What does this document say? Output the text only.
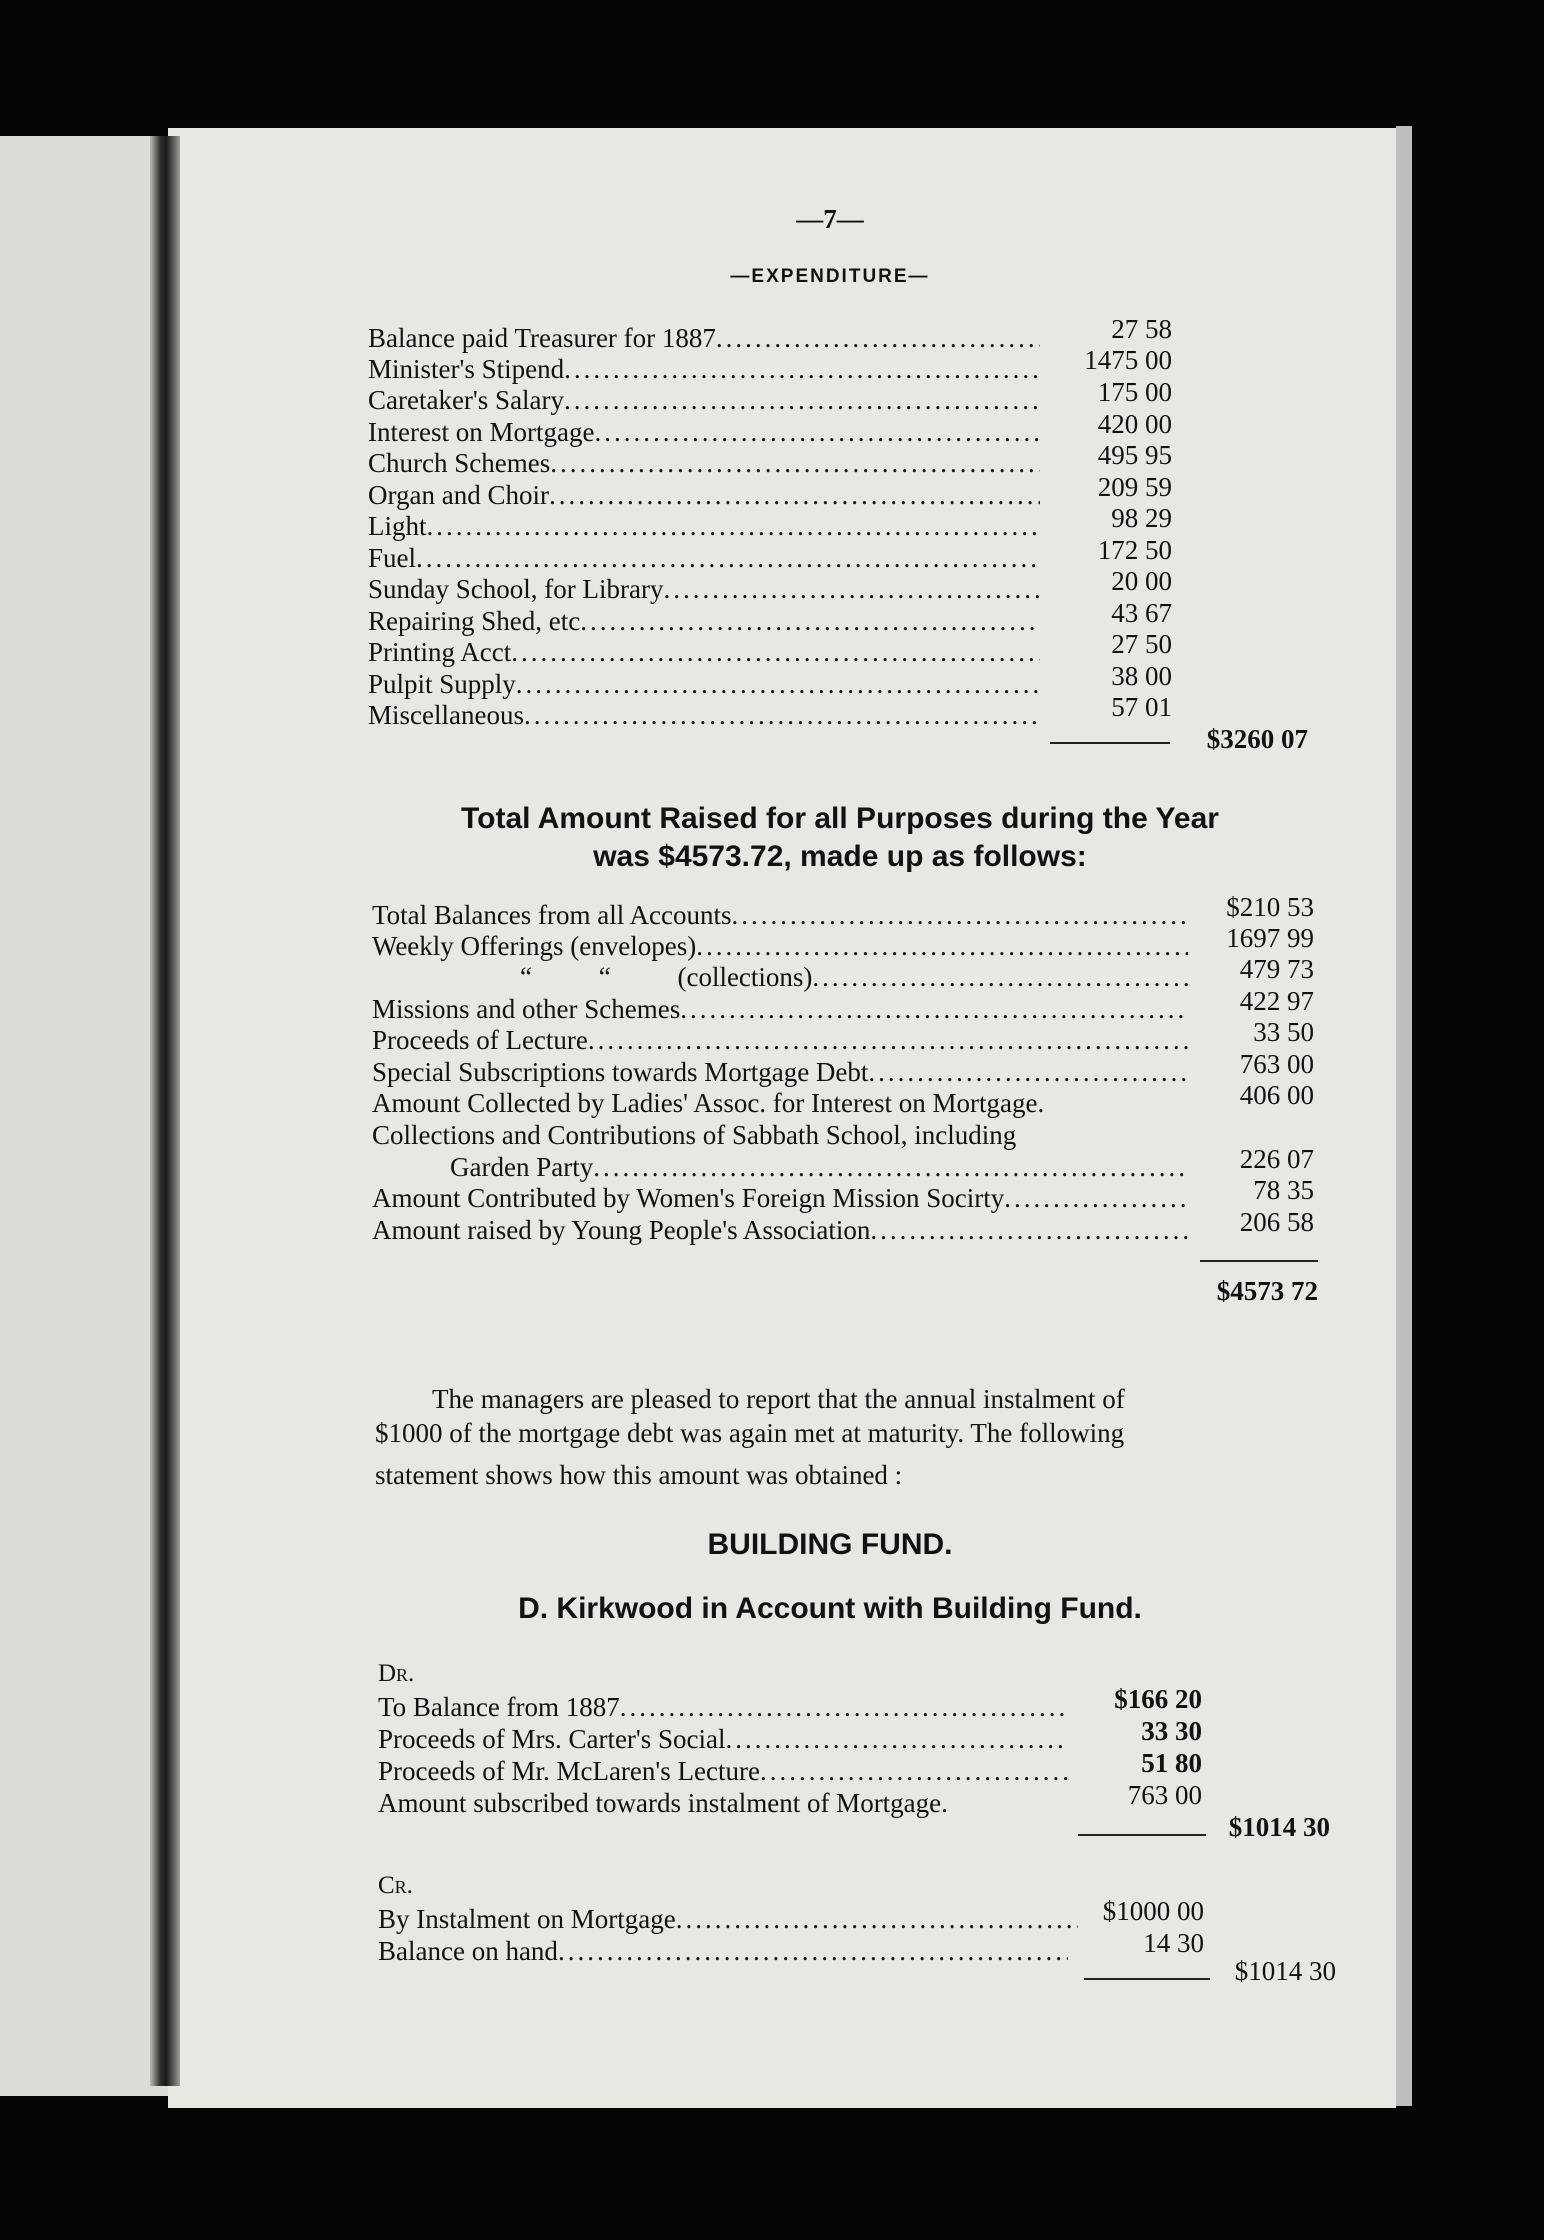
—7—
—EXPENDITURE—
Balance paid Treasurer for 1887 .....	27 58
Minister's Stipend .....	1475 00
Caretaker's Salary .....	175 00
Interest on Mortgage .....	420 00
Church Schemes .....	495 95
Organ and Choir .....	209 59
Light .....	98 29
Fuel .....	172 50
Sunday School, for Library .....	20 00
Repairing Shed, etc .....	43 67
Printing Acct .....	27 50
Pulpit Supply .....	38 00
Miscellaneous .....	57 01
$3260 07
Total Amount Raised for all Purposes during the Year
was $4573.72, made up as follows:
Total Balances from all Accounts .....	$210 53
Weekly Offerings (envelopes) .....	1697 99
“ “ (collections) .....	479 73
Missions and other Schemes .....	422 97
Proceeds of Lecture .....	33 50
Special Subscriptions towards Mortgage Debt .....	763 00
Amount Collected by Ladies' Assoc. for Interest on Mortgage.	406 00
Collections and Contributions of Sabbath School, including
Garden Party .....	226 07
Amount Contributed by Women's Foreign Mission Socirty .....	78 35
Amount raised by Young People's Association .....	206 58
$4573 72
The managers are pleased to report that the annual instalment of
$1000 of the mortgage debt was again met at maturity. The following
statement shows how this amount was obtained :
BUILDING FUND.
D. Kirkwood in Account with Building Fund.
Dr.
To Balance from 1887 .....	$166 20
Proceeds of Mrs. Carter's Social .....	33 30
Proceeds of Mr. McLaren's Lecture .....	51 80
Amount subscribed towards instalment of Mortgage.	763 00
$1014 30
Cr.
By Instalment on Mortgage .....	$1000 00
Balance on hand .....	14 30
$1014 30
